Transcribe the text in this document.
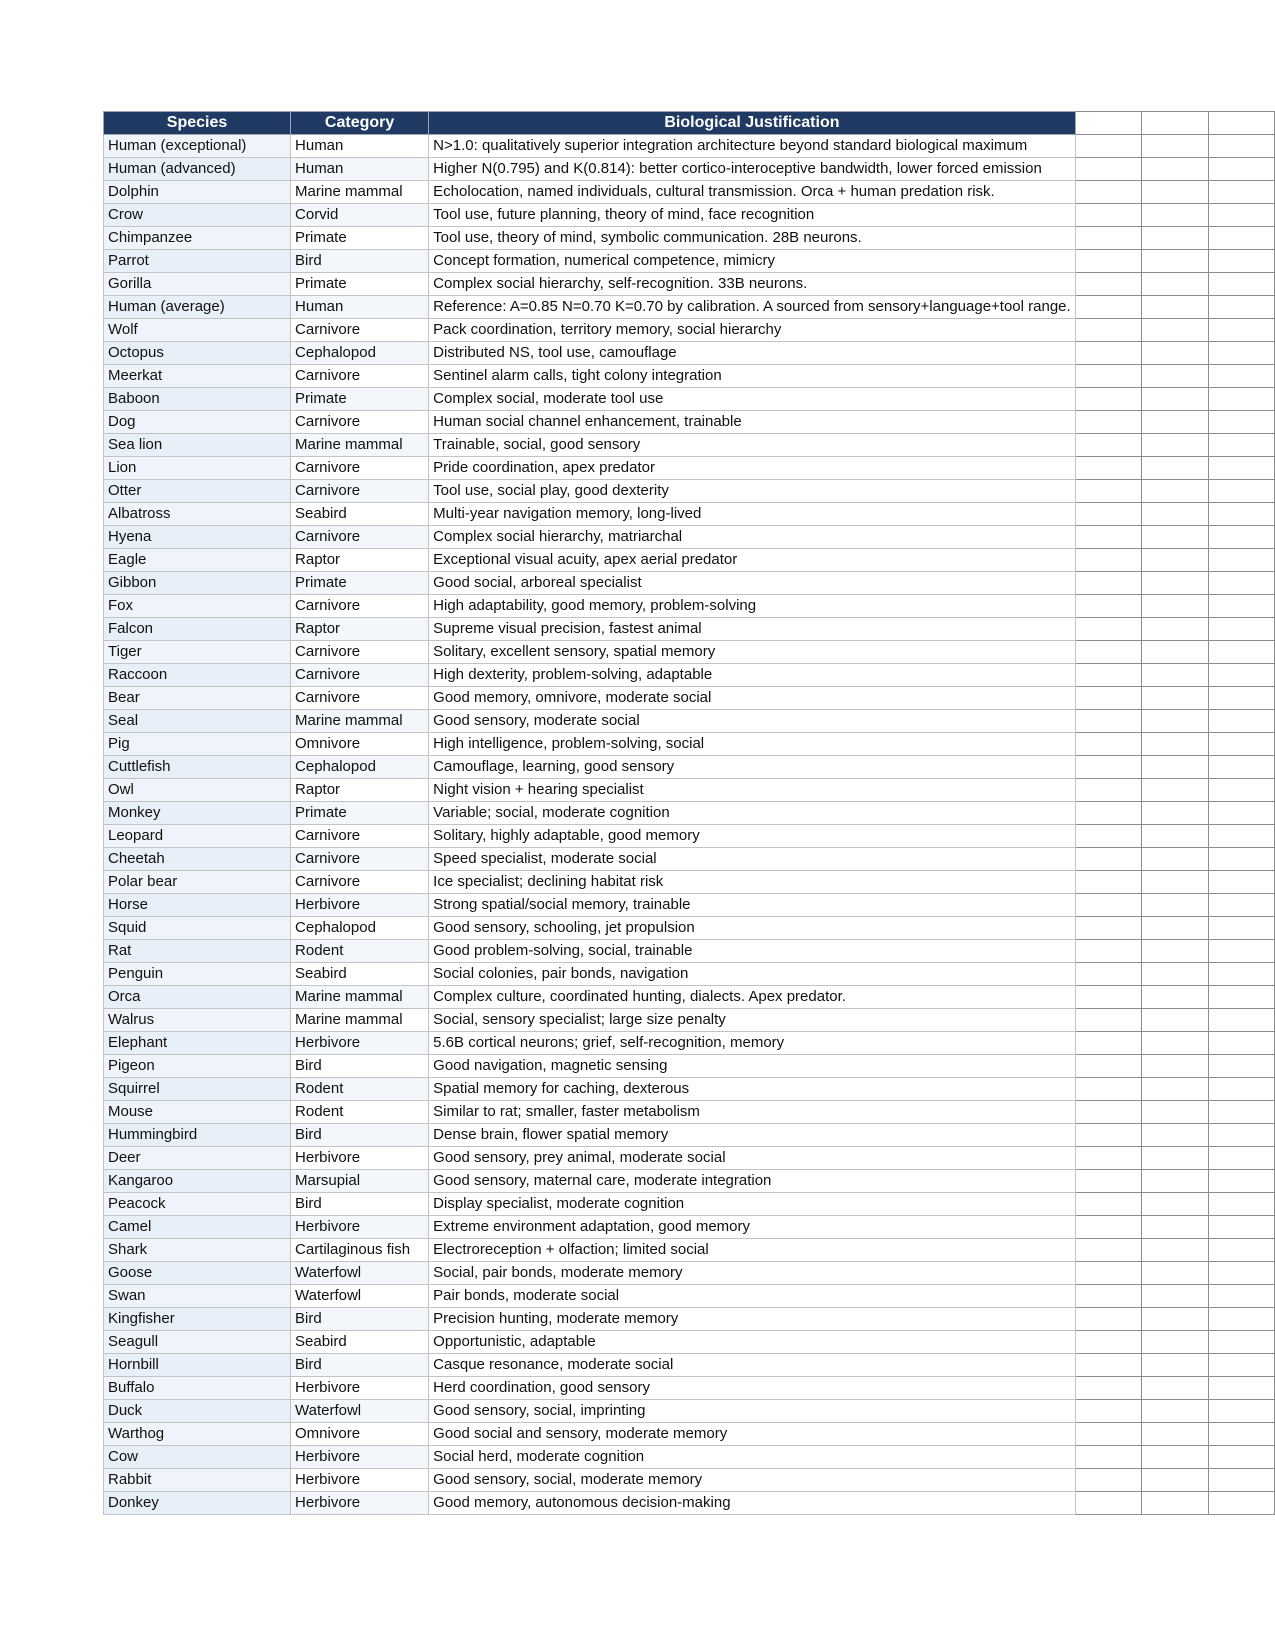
Species	Category	Biological Justification			
Human (exceptional)	Human	N>1.0: qualitatively superior integration architecture beyond standard biological maximum			
Human (advanced)	Human	Higher N(0.795) and K(0.814): better cortico-interoceptive bandwidth, lower forced emission			
Dolphin	Marine mammal	Echolocation, named individuals, cultural transmission. Orca + human predation risk.			
Crow	Corvid	Tool use, future planning, theory of mind, face recognition			
Chimpanzee	Primate	Tool use, theory of mind, symbolic communication. 28B neurons.			
Parrot	Bird	Concept formation, numerical competence, mimicry			
Gorilla	Primate	Complex social hierarchy, self-recognition. 33B neurons.			
Human (average)	Human	Reference: A=0.85 N=0.70 K=0.70 by calibration. A sourced from sensory+language+tool range.			
Wolf	Carnivore	Pack coordination, territory memory, social hierarchy			
Octopus	Cephalopod	Distributed NS, tool use, camouflage			
Meerkat	Carnivore	Sentinel alarm calls, tight colony integration			
Baboon	Primate	Complex social, moderate tool use			
Dog	Carnivore	Human social channel enhancement, trainable			
Sea lion	Marine mammal	Trainable, social, good sensory			
Lion	Carnivore	Pride coordination, apex predator			
Otter	Carnivore	Tool use, social play, good dexterity			
Albatross	Seabird	Multi-year navigation memory, long-lived			
Hyena	Carnivore	Complex social hierarchy, matriarchal			
Eagle	Raptor	Exceptional visual acuity, apex aerial predator			
Gibbon	Primate	Good social, arboreal specialist			
Fox	Carnivore	High adaptability, good memory, problem-solving			
Falcon	Raptor	Supreme visual precision, fastest animal			
Tiger	Carnivore	Solitary, excellent sensory, spatial memory			
Raccoon	Carnivore	High dexterity, problem-solving, adaptable			
Bear	Carnivore	Good memory, omnivore, moderate social			
Seal	Marine mammal	Good sensory, moderate social			
Pig	Omnivore	High intelligence, problem-solving, social			
Cuttlefish	Cephalopod	Camouflage, learning, good sensory			
Owl	Raptor	Night vision + hearing specialist			
Monkey	Primate	Variable; social, moderate cognition			
Leopard	Carnivore	Solitary, highly adaptable, good memory			
Cheetah	Carnivore	Speed specialist, moderate social			
Polar bear	Carnivore	Ice specialist; declining habitat risk			
Horse	Herbivore	Strong spatial/social memory, trainable			
Squid	Cephalopod	Good sensory, schooling, jet propulsion			
Rat	Rodent	Good problem-solving, social, trainable			
Penguin	Seabird	Social colonies, pair bonds, navigation			
Orca	Marine mammal	Complex culture, coordinated hunting, dialects. Apex predator.			
Walrus	Marine mammal	Social, sensory specialist; large size penalty			
Elephant	Herbivore	5.6B cortical neurons; grief, self-recognition, memory			
Pigeon	Bird	Good navigation, magnetic sensing			
Squirrel	Rodent	Spatial memory for caching, dexterous			
Mouse	Rodent	Similar to rat; smaller, faster metabolism			
Hummingbird	Bird	Dense brain, flower spatial memory			
Deer	Herbivore	Good sensory, prey animal, moderate social			
Kangaroo	Marsupial	Good sensory, maternal care, moderate integration			
Peacock	Bird	Display specialist, moderate cognition			
Camel	Herbivore	Extreme environment adaptation, good memory			
Shark	Cartilaginous fish	Electroreception + olfaction; limited social			
Goose	Waterfowl	Social, pair bonds, moderate memory			
Swan	Waterfowl	Pair bonds, moderate social			
Kingfisher	Bird	Precision hunting, moderate memory			
Seagull	Seabird	Opportunistic, adaptable			
Hornbill	Bird	Casque resonance, moderate social			
Buffalo	Herbivore	Herd coordination, good sensory			
Duck	Waterfowl	Good sensory, social, imprinting			
Warthog	Omnivore	Good social and sensory, moderate memory			
Cow	Herbivore	Social herd, moderate cognition			
Rabbit	Herbivore	Good sensory, social, moderate memory			
Donkey	Herbivore	Good memory, autonomous decision-making			
